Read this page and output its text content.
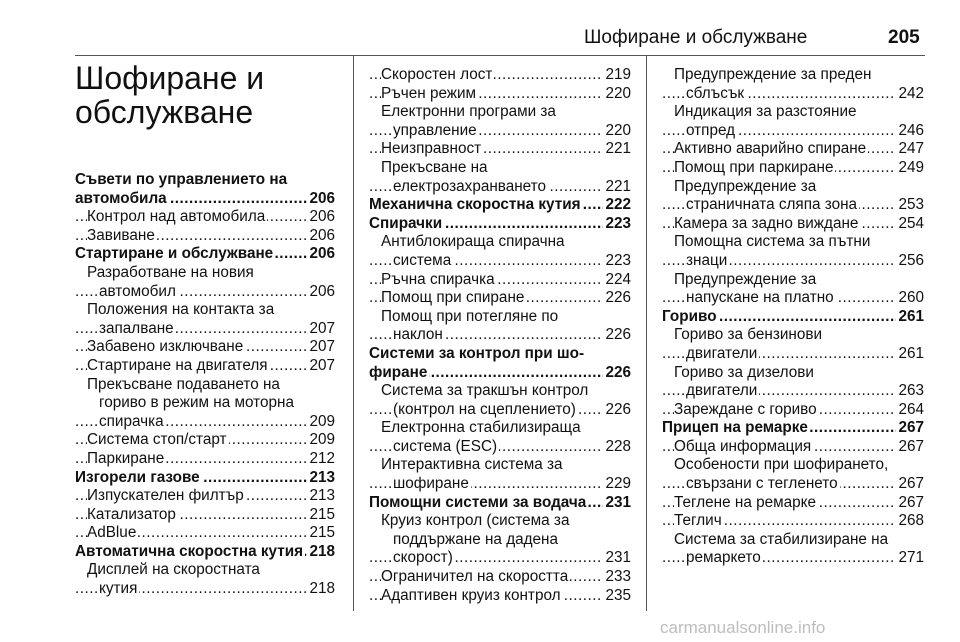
Шофиране и обслужване	205
Шофиране и обслужване
Съвети по управлението на
..... автомобила	206
..... Контрол над автомобила	206
..... Завиване	206
..... Стартиране и обслужване 206
Разработване на новия
..... автомобил	206
Положения на контакта за
..... запалване	207
..... Забавено изключване	207
..... Стартиране на двигателя	207
Прекъсване подаването на
гориво в режим на моторна
..... спирачка	209
..... Система стоп/старт	209
..... Паркиране	212
..... Изгорели газове	213
..... Изпускателен филтър	213
..... Катализатор	215
..... AdBlue	215
..... Автоматична скоростна кутия 218
Дисплей на скоростната
..... кутия	218
..... Скоростен лост	219
..... Ръчен режим	220
Електронни програми за
..... управление	220
..... Неизправност	221
Прекъсване на
..... електрозахранването	221
..... Механична скоростна кутия 222
..... Спирачки	223
Антиблокираща спирачна
..... система	223
..... Ръчна спирачка	224
..... Помощ при спиране	226
Помощ при потегляне по
..... наклон	226
Системи за контрол при шо-
..... фиране	226
Система за тракшън контрол
..... (контрол на сцеплението) 226
Електронна стабилизираща
..... система (ESC)	228
Интерактивна система за
..... шофиране	229
..... Помощни системи за водача 231
Круиз контрол (система за
поддържане на дадена
..... скорост)	231
..... Ограничител на скоростта 233
..... Адаптивен круиз контрол	235
Предупреждение за преден
..... сблъсък	242
Индикация за разстояние
..... отпред	246
..... Активно аварийно спиране 247
..... Помощ при паркиране	249
Предупреждение за
..... страничната сляпа зона	253
..... Камера за задно виждане	254
Помощна система за пътни
..... знаци	256
Предупреждение за
..... напускане на платно	260
..... Гориво	261
Гориво за бензинови
..... двигатели	261
Гориво за дизелови
..... двигатели	263
..... Зареждане с гориво	264
..... Прицеп на ремарке	267
..... Обща информация	267
Особености при шофирането,
..... свързани с тегленето	267
..... Теглене на ремарке	267
..... Теглич	268
Система за стабилизиране на
..... ремаркето	271
carmanualsonline.info
